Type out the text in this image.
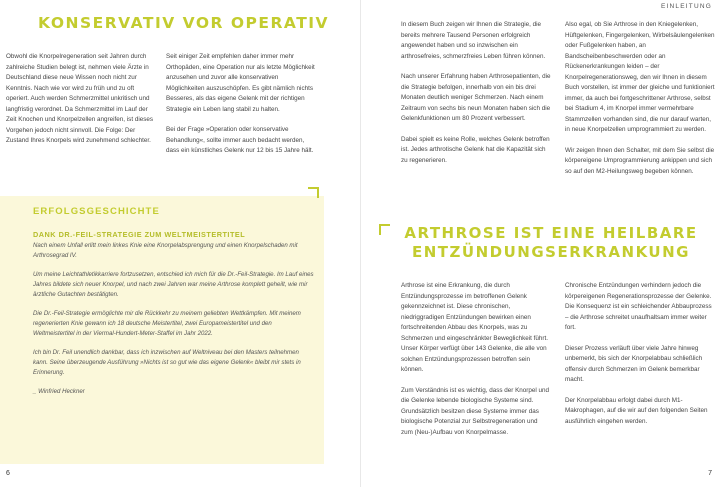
KONSERVATIV VOR OPERATIV

Obwohl die Knorpelregeneration seit Jahren durch zahlreiche Studien belegt ist, nehmen viele Ärzte in Deutschland diese neue Wissen noch nicht zur Kenntnis. Nach wie vor wird zu früh und zu oft operiert. Auch werden Schmerzmittel unkritisch und langfristig verordnet. Da Schmerzmittel im Lauf der Zeit Knochen und Knorpelzellen angreifen, ist dieses Vorgehen jedoch nicht sinnvoll. Die Folge: Der Zustand Ihres Knorpels wird zunehmend schlechter.

Seit einiger Zeit empfehlen daher immer mehr Orthopäden, eine Operation nur als letzte Möglichkeit anzusehen und zuvor alle konservativen Möglichkeiten auszuschöpfen. Es gibt nämlich nichts Besseres, als das eigene Gelenk mit der richtigen Strategie ein Leben lang stabil zu halten.

Bei der Frage »Operation oder konservative Behandlung«, sollte immer auch bedacht werden, dass ein künstliches Gelenk nur 12 bis 15 Jahre hält.

ERFOLGSGESCHICHTE
DANK DR.-FEIL-STRATEGIE ZUM WELTMEISTERTITEL

Nach einem Unfall erlitt mein linkes Knie eine Knorpelabsprengung und einen Knorpelschaden mit Arthrosegrad IV.

Um meine Leichtathletikkarriere fortzusetzen, entschied ich mich für die Dr.-Feil-Strategie. Im Lauf eines Jahres bildete sich neuer Knorpel, und nach zwei Jahren war meine Arthrose komplett geheilt, wie mir ärztliche Gutachten bestätigten.

Die Dr.-Feil-Strategie ermöglichte mir die Rückkehr zu meinem geliebten Wettkämpfen. Mit meinem regenerierten Knie gewann ich 18 deutsche Meistertitel, zwei Europameistertitel und den Weltmeistertitel in der Viermal-Hundert-Meter-Staffel im Jahr 2022.

Ich bin Dr. Feil unendlich dankbar, dass ich inzwischen auf Weltniveau bei den Masters teilnehmen kann. Seine überzeugende Ausführung »Nichts ist so gut wie das eigene Gelenk« bleibt mir stets in Erinnerung.

_ Winfried Heckner

6
EINLEITUNG

In diesem Buch zeigen wir Ihnen die Strategie, die bereits mehrere Tausend Personen erfolgreich angewendet haben und so inzwischen ein arthrosefreies, schmerzfreies Leben führen können.

Nach unserer Erfahrung haben Arthrosepatienten, die die Strategie befolgen, innerhalb von ein bis drei Monaten deutlich weniger Schmerzen. Nach einem Zeitraum von sechs bis neun Monaten haben sich die Gelenkfunktionen um 80 Prozent verbessert.

Dabei spielt es keine Rolle, welches Gelenk betroffen ist. Jedes arthrotische Gelenk hat die Kapazität sich zu regenerieren.

Also egal, ob Sie Arthrose in den Kniegelenken, Hüftgelenken, Fingergelenken, Wirbelsäulengelenken oder Fußgelenken haben, an Bandscheibenbeschwerden oder an Rückenerkrankungen leiden – der Knorpelregenerationsweg, den wir Ihnen in diesem Buch vorstellen, ist immer der gleiche und funktioniert immer, da auch bei fortgeschrittener Arthrose, selbst bei Stadium 4, im Knorpel immer vermehrbare Stammzellen vorhanden sind, die nur darauf warten, in neue Knorpelzellen umprogrammiert zu werden.

Wir zeigen Ihnen den Schalter, mit dem Sie selbst die körpereigene Umprogrammierung ankippen und sich so auf den M2-Heilungsweg begeben können.

ARTHROSE IST EINE HEILBARE
ENTZÜNDUNGSERKRANKUNG

Arthrose ist eine Erkrankung, die durch Entzündungsprozesse im betroffenen Gelenk gekennzeichnet ist. Diese chronischen, niedriggradigen Entzündungen bewirken einen fortschreitenden Abbau des Knorpels, was zu Schmerzen und eingeschränkter Beweglichkeit führt. Unser Körper verfügt über 143 Gelenke, die alle von solchen Entzündungsprozessen betroffen sein können.

Zum Verständnis ist es wichtig, dass der Knorpel und die Gelenke lebende biologische Systeme sind. Grundsätzlich besitzen diese Systeme immer das biologische Potenzial zur Selbstregeneration und zum (Neu-)Aufbau von Knorpelmasse.

Chronische Entzündungen verhindern jedoch die körpereigenen Regenerationsprozesse der Gelenke. Die Konsequenz ist ein schleichender Abbauprozess – die Arthrose schreitet unaufhaltsam immer weiter fort.

Dieser Prozess verläuft über viele Jahre hinweg unbemerkt, bis sich der Knorpelabbau schließlich offensiv durch Schmerzen im Gelenk bemerkbar macht.

Der Knorpelabbau erfolgt dabei durch M1-Makrophagen, auf die wir auf den folgenden Seiten ausführlich eingehen werden.

7
